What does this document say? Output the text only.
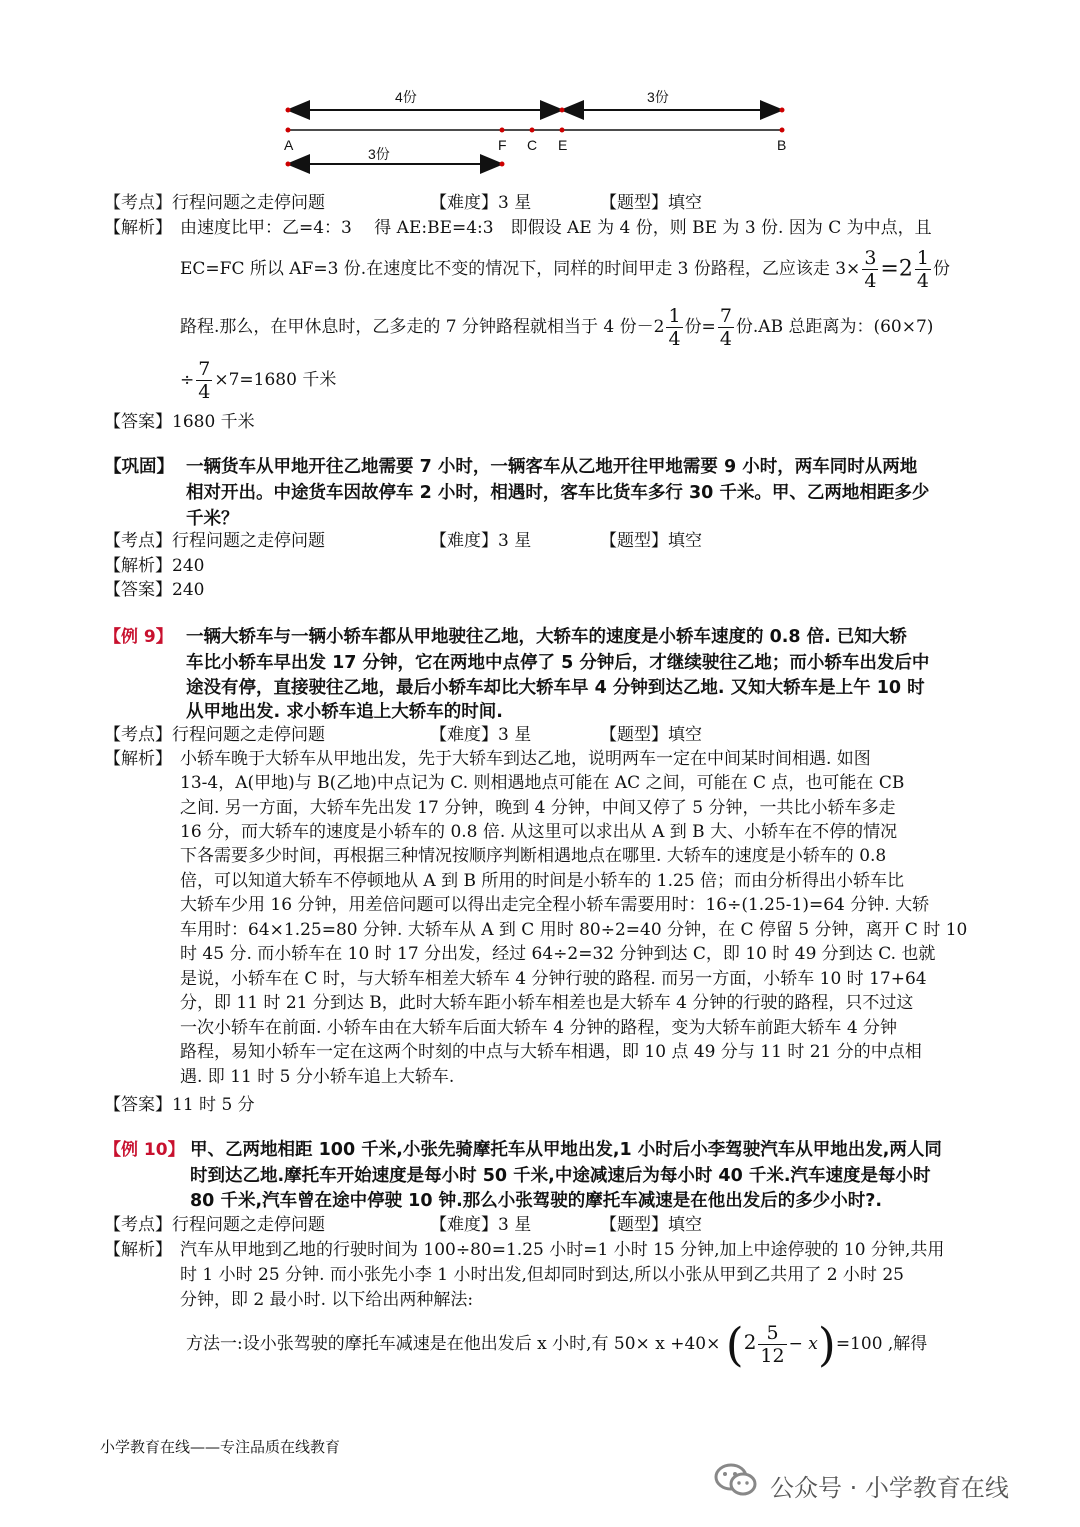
4份	3份
3份
A	F C E	B
【考点】行程问题之走停问题	【难度】3 星	【题型】填空
【解析】 由速度比甲：乙=4：3　 得 AE:BE=4:3　即假设 AE 为 4 份，则 BE 为 3 份. 因为 C 为中点，且
EC=FC 所以 AF=3 份.在速度比不变的情况下，同样的时间甲走 3 份路程，乙应该走 $3\times \frac{3}{4} =2 \frac{1}{4}$ 份
路程.那么，在甲休息时，乙多走的 7 分钟路程就相当于 4 份$-2 \frac{1}{4}$ 份= $\frac{7}{4}$ 份.AB 总距离为：(60×7)
÷ $\frac{7}{4} \times 7=1680$ 千米
【答案】1680 千米
【巩固】 一辆货车从甲地开往乙地需要 7 小时，一辆客车从乙地开往甲地需要 9 小时，两车同时从两地
相对开出。中途货车因故停车 2 小时，相遇时，客车比货车多行 30 千米。甲、乙两地相距多少
千米？
【考点】行程问题之走停问题	【难度】3 星	【题型】填空
【解析】240
【答案】240
【例 9】 一辆大轿车与一辆小轿车都从甲地驶往乙地，大轿车的速度是小轿车速度的 0.8 倍. 已知大轿
车比小轿车早出发 17 分钟，它在两地中点停了 5 分钟后，才继续驶往乙地；而小轿车出发后中
途没有停，直接驶往乙地，最后小轿车却比大轿车早 4 分钟到达乙地. 又知大轿车是上午 10 时
从甲地出发. 求小轿车追上大轿车的时间.
【考点】行程问题之走停问题	【难度】3 星	【题型】填空
【解析】 小轿车晚于大轿车从甲地出发，先于大轿车到达乙地，说明两车一定在中间某时间相遇. 如图
13-4，A(甲地)与 B(乙地)中点记为 C. 则相遇地点可能在 AC 之间，可能在 C 点，也可能在 CB
之间. 另一方面，大轿车先出发 17 分钟，晚到 4 分钟，中间又停了 5 分钟，一共比小轿车多走
16 分，而大轿车的速度是小轿车的 0.8 倍. 从这里可以求出从 A 到 B 大、小轿车在不停的情况
下各需要多少时间，再根据三种情况按顺序判断相遇地点在哪里. 大轿车的速度是小轿车的 0.8
倍，可以知道大轿车不停顿地从 A 到 B 所用的时间是小轿车的 1.25 倍；而由分析得出小轿车比
大轿车少用 16 分钟，用差倍问题可以得出走完全程小轿车需要用时：16÷(1.25-1)=64 分钟. 大轿
车用时：64×1.25=80 分钟. 大轿车从 A 到 C 用时 80÷2=40 分钟，在 C 停留 5 分钟，离开 C 时 10
时 45 分. 而小轿车在 10 时 17 分出发，经过 64÷2=32 分钟到达 C，即 10 时 49 分到达 C. 也就
是说，小轿车在 C 时，与大轿车相差大轿车 4 分钟行驶的路程. 而另一方面，小轿车 10 时 17+64
分，即 11 时 21 分到达 B，此时大轿车距小轿车相差也是大轿车 4 分钟的行驶的路程，只不过这
一次小轿车在前面. 小轿车由在大轿车后面大轿车 4 分钟的路程，变为大轿车前距大轿车 4 分钟
路程，易知小轿车一定在这两个时刻的中点与大轿车相遇，即 10 点 49 分与 11 时 21 分的中点相
遇. 即 11 时 5 分小轿车追上大轿车.
【答案】11 时 5 分
【例 10】 甲、乙两地相距 100 千米,小张先骑摩托车从甲地出发,1 小时后小李驾驶汽车从甲地出发,两人同
时到达乙地.摩托车开始速度是每小时 50 千米,中途减速后为每小时 40 千米.汽车速度是每小时
80 千米,汽车曾在途中停驶 10 钟.那么小张驾驶的摩托车减速是在他出发后的多少小时?.
【考点】行程问题之走停问题	【难度】3 星	【题型】填空
【解析】 汽车从甲地到乙地的行驶时间为 100÷80=1.25 小时=1 小时 15 分钟,加上中途停驶的 10 分钟,共用
时 1 小时 25 分钟. 而小张先小李 1 小时出发,但却同时到达,所以小张从甲到乙共用了 2 小时 25
分钟，即 2 最小时. 以下给出两种解法:
方法一:设小张驾驶的摩托车减速是在他出发后 x 小时,有 $50\times x +40\times (2 \frac{5}{12} - x)=100$ ,解得
小学教育在线——专注品质在线教育
公众号 · 小学教育在线
